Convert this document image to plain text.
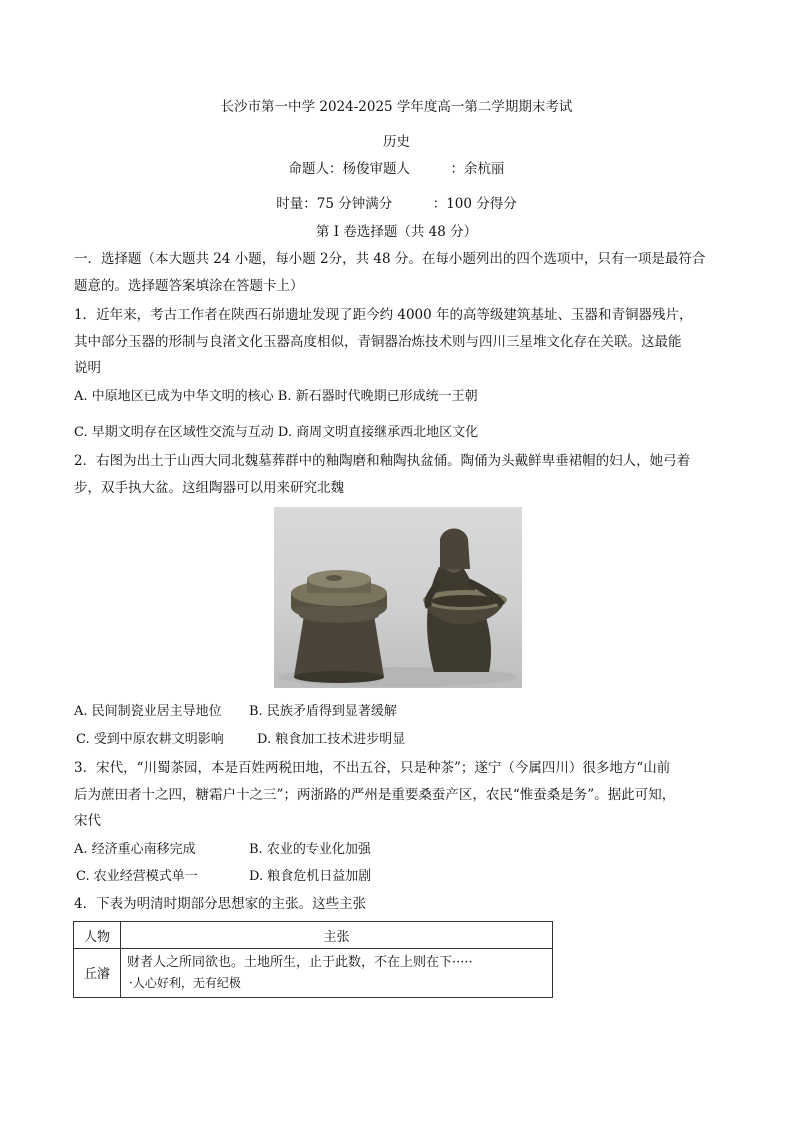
长沙市第一中学 2024-2025 学年度高一第二学期期末考试
历史
命题人：杨俊审题人　　　：余杭丽
时量：75 分钟满分　　　：100 分得分
第 I 卷选择题（共 48 分）
一．选择题（本大题共 24 小题，每小题 2分，共 48 分。在每小题列出的四个选项中，只有一项是最符合
题意的。选择题答案填涂在答题卡上）
1．近年来，考古工作者在陕西石峁遗址发现了距今约 4000 年的高等级建筑基址、玉器和青铜器残片，
其中部分玉器的形制与良渚文化玉器高度相似，青铜器冶炼技术则与四川三星堆文化存在关联。这最能
说明
A. 中原地区已成为中华文明的核心 B. 新石器时代晚期已形成统一王朝
C. 早期文明存在区域性交流与互动 D. 商周文明直接继承西北地区文化
2．右图为出土于山西大同北魏墓葬群中的釉陶磨和釉陶执盆俑。陶俑为头戴鲜卑垂裙帽的妇人，她弓着
步，双手执大盆。这组陶器可以用来研究北魏
A. 民间制瓷业居主导地位 B. 民族矛盾得到显著缓解
C. 受到中原农耕文明影响	D. 粮食加工技术进步明显
3．宋代，“川蜀茶园，本是百姓两税田地，不出五谷，只是种茶”；遂宁（今属四川）很多地方“山前
后为蔗田者十之四，糖霜户十之三”；两浙路的严州是重要桑蚕产区，农民“惟蚕桑是务”。据此可知，
宋代
A. 经济重心南移完成	B. 农业的专业化加强
C. 农业经营模式单一	D. 粮食危机日益加剧
4．下表为明清时期部分思想家的主张。这些主张
人物	主张
丘濬	财者人之所同欲也。土地所生，止于此数，不在上则在下·····
·人心好利，无有纪极
